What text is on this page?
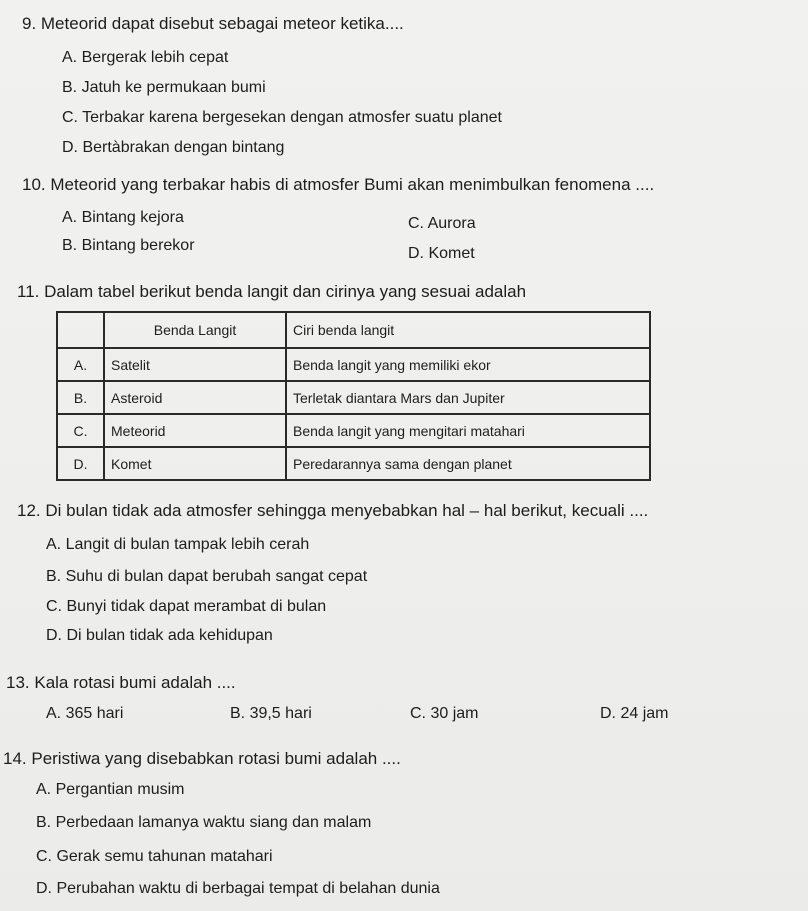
9. Meteorid dapat disebut sebagai meteor ketika....
A. Bergerak lebih cepat
B. Jatuh ke permukaan bumi
C. Terbakar karena bergesekan dengan atmosfer suatu planet
D. Bertàbrakan dengan bintang
10. Meteorid yang terbakar habis di atmosfer Bumi akan menimbulkan fenomena ....
A. Bintang kejora	C. Aurora
B. Bintang berekor	D. Komet
11. Dalam tabel berikut benda langit dan cirinya yang sesuai adalah
	Benda Langit	Ciri benda langit
A.	Satelit	Benda langit yang memiliki ekor
B.	Asteroid	Terletak diantara Mars dan Jupiter
C.	Meteorid	Benda langit yang mengitari matahari
D.	Komet	Peredarannya sama dengan planet
12. Di bulan tidak ada atmosfer sehingga menyebabkan hal – hal berikut, kecuali ....
A. Langit di bulan tampak lebih cerah
B. Suhu di bulan dapat berubah sangat cepat
C. Bunyi tidak dapat merambat di bulan
D. Di bulan tidak ada kehidupan
13. Kala rotasi bumi adalah ....
A. 365 hari	B. 39,5 hari	C. 30 jam	D. 24 jam
14. Peristiwa yang disebabkan rotasi bumi adalah ....
A. Pergantian musim
B. Perbedaan lamanya waktu siang dan malam
C. Gerak semu tahunan matahari
D. Perubahan waktu di berbagai tempat di belahan dunia
